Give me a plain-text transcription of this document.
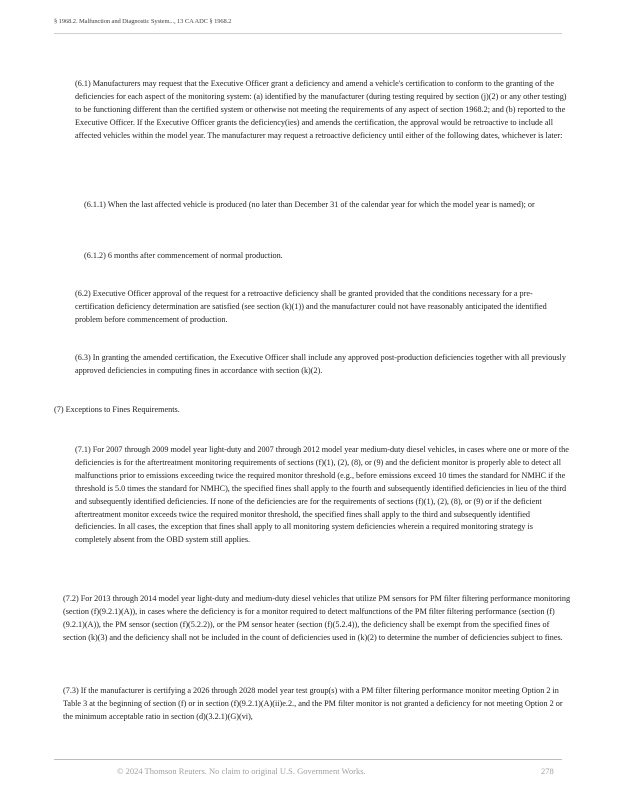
§ 1968.2. Malfunction and Diagnostic System..., 13 CA ADC § 1968.2

(6.1) Manufacturers may request that the Executive Officer grant a deficiency and amend a vehicle's certification to conform to the granting of the deficiencies for each aspect of the monitoring system: (a) identified by the manufacturer (during testing required by section (j)(2) or any other testing) to be functioning different than the certified system or otherwise not meeting the requirements of any aspect of section 1968.2; and (b) reported to the Executive Officer. If the Executive Officer grants the deficiency(ies) and amends the certification, the approval would be retroactive to include all affected vehicles within the model year. The manufacturer may request a retroactive deficiency until either of the following dates, whichever is later:

(6.1.1) When the last affected vehicle is produced (no later than December 31 of the calendar year for which the model year is named); or

(6.1.2) 6 months after commencement of normal production.

(6.2) Executive Officer approval of the request for a retroactive deficiency shall be granted provided that the conditions necessary for a pre-certification deficiency determination are satisfied (see section (k)(1)) and the manufacturer could not have reasonably anticipated the identified problem before commencement of production.

(6.3) In granting the amended certification, the Executive Officer shall include any approved post-production deficiencies together with all previously approved deficiencies in computing fines in accordance with section (k)(2).

(7) Exceptions to Fines Requirements.

(7.1) For 2007 through 2009 model year light-duty and 2007 through 2012 model year medium-duty diesel vehicles, in cases where one or more of the deficiencies is for the aftertreatment monitoring requirements of sections (f)(1), (2), (8), or (9) and the deficient monitor is properly able to detect all malfunctions prior to emissions exceeding twice the required monitor threshold (e.g., before emissions exceed 10 times the standard for NMHC if the threshold is 5.0 times the standard for NMHC), the specified fines shall apply to the fourth and subsequently identified deficiencies in lieu of the third and subsequently identified deficiencies. If none of the deficiencies are for the requirements of sections (f)(1), (2), (8), or (9) or if the deficient aftertreatment monitor exceeds twice the required monitor threshold, the specified fines shall apply to the third and subsequently identified deficiencies. In all cases, the exception that fines shall apply to all monitoring system deficiencies wherein a required monitoring strategy is completely absent from the OBD system still applies.

(7.2) For 2013 through 2014 model year light-duty and medium-duty diesel vehicles that utilize PM sensors for PM filter filtering performance monitoring (section (f)(9.2.1)(A)), in cases where the deficiency is for a monitor required to detect malfunctions of the PM filter filtering performance (section (f)(9.2.1)(A)), the PM sensor (section (f)(5.2.2)), or the PM sensor heater (section (f)(5.2.4)), the deficiency shall be exempt from the specified fines of section (k)(3) and the deficiency shall not be included in the count of deficiencies used in (k)(2) to determine the number of deficiencies subject to fines.

(7.3) If the manufacturer is certifying a 2026 through 2028 model year test group(s) with a PM filter filtering performance monitor meeting Option 2 in Table 3 at the beginning of section (f) or in section (f)(9.2.1)(A)(ii)e.2., and the PM filter monitor is not granted a deficiency for not meeting Option 2 or the minimum acceptable ratio in section (d)(3.2.1)(G)(vi),

© 2024 Thomson Reuters. No claim to original U.S. Government Works.	278
